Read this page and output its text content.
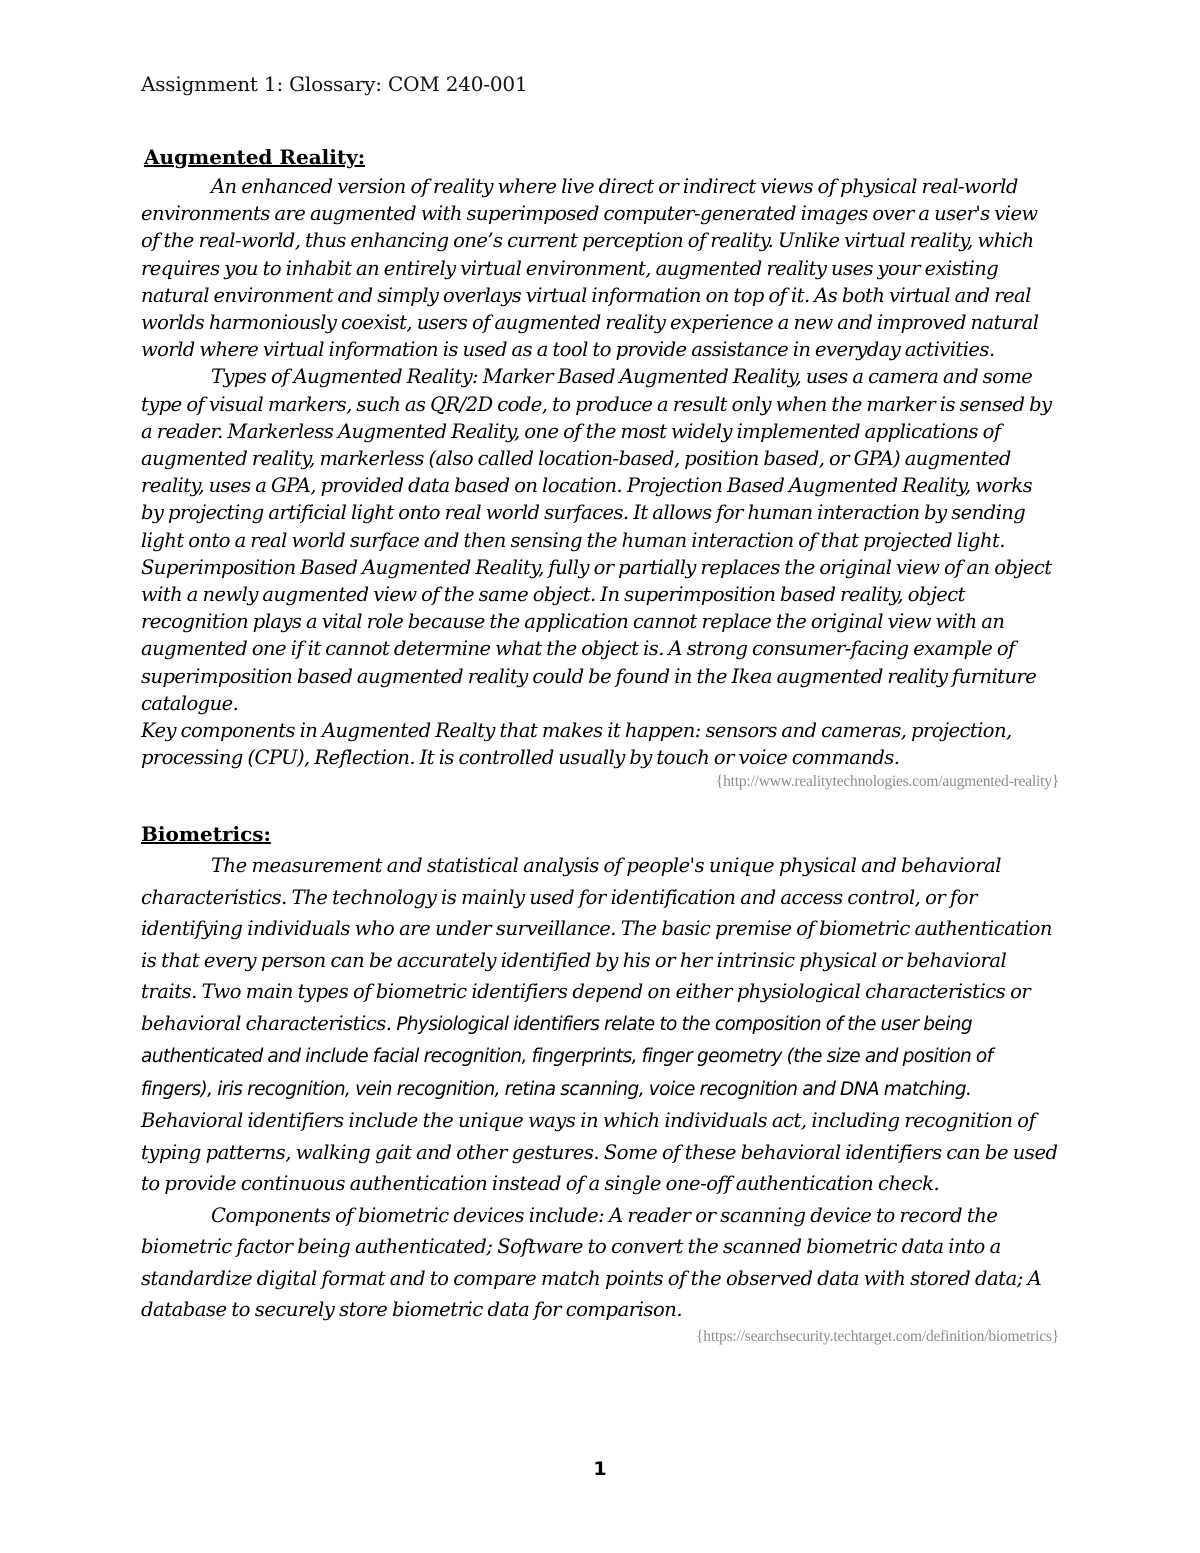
Assignment 1: Glossary: COM 240-001
Augmented Reality:

An enhanced version of reality where live direct or indirect views of physical real-world environments are augmented with superimposed computer-generated images over a user's view of the real-world, thus enhancing one’s current perception of reality. Unlike virtual reality, which requires you to inhabit an entirely virtual environment, augmented reality uses your existing natural environment and simply overlays virtual information on top of it. As both virtual and real worlds harmoniously coexist, users of augmented reality experience a new and improved natural world where virtual information is used as a tool to provide assistance in everyday activities.

Types of Augmented Reality: Marker Based Augmented Reality, uses a camera and some type of visual markers, such as QR/2D code, to produce a result only when the marker is sensed by a reader. Markerless Augmented Reality, one of the most widely implemented applications of augmented reality, markerless (also called location-based, position based, or GPA) augmented reality, uses a GPA, provided data based on location. Projection Based Augmented Reality, works by projecting artificial light onto real world surfaces. It allows for human interaction by sending light onto a real world surface and then sensing the human interaction of that projected light. Superimposition Based Augmented Reality, fully or partially replaces the original view of an object with a newly augmented view of the same object. In superimposition based reality, object recognition plays a vital role because the application cannot replace the original view with an augmented one if it cannot determine what the object is. A strong consumer-facing example of superimposition based augmented reality could be found in the Ikea augmented reality furniture catalogue.

Key components in Augmented Realty that makes it happen: sensors and cameras, projection, processing (CPU), Reflection. It is controlled usually by touch or voice commands.

{http://www.realitytechnologies.com/augmented-reality}
Biometrics:

The measurement and statistical analysis of people's unique physical and behavioral characteristics. The technology is mainly used for identification and access control, or for identifying individuals who are under surveillance. The basic premise of biometric authentication is that every person can be accurately identified by his or her intrinsic physical or behavioral traits. Two main types of biometric identifiers depend on either physiological characteristics or behavioral characteristics. Physiological identifiers relate to the composition of the user being authenticated and include facial recognition, fingerprints, finger geometry (the size and position of fingers), iris recognition, vein recognition, retina scanning, voice recognition and DNA matching. Behavioral identifiers include the unique ways in which individuals act, including recognition of typing patterns, walking gait and other gestures. Some of these behavioral identifiers can be used to provide continuous authentication instead of a single one-off authentication check.

Components of biometric devices include: A reader or scanning device to record the biometric factor being authenticated; Software to convert the scanned biometric data into a standardize digital format and to compare match points of the observed data with stored data; A database to securely store biometric data for comparison.

{https://searchsecurity.techtarget.com/definition/biometrics}
1
